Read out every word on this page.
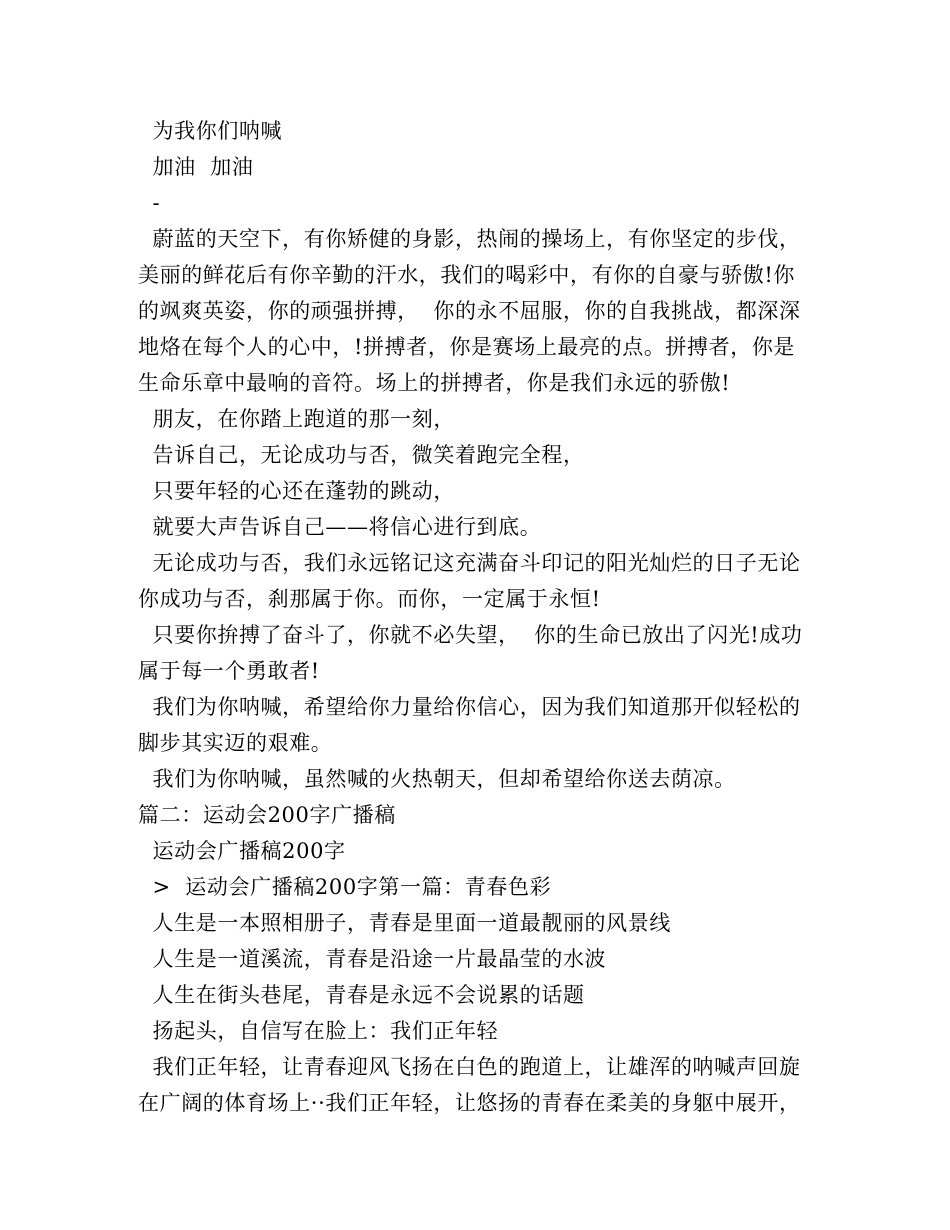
为我你们呐喊
加油  加油
-
蔚蓝的天空下，有你矫健的身影，热闹的操场上，有你坚定的步伐，
美丽的鲜花后有你辛勤的汗水，我们的喝彩中，有你的自豪与骄傲!你
的飒爽英姿，你的顽强拼搏，  你的永不屈服，你的自我挑战，都深深
地烙在每个人的心中，!拼搏者，你是赛场上最亮的点。拼搏者，你是
生命乐章中最响的音符。场上的拼搏者，你是我们永远的骄傲!
朋友，在你踏上跑道的那一刻，
告诉自己，无论成功与否，微笑着跑完全程，
只要年轻的心还在蓬勃的跳动，
就要大声告诉自己——将信心进行到底。
无论成功与否，我们永远铭记这充满奋斗印记的阳光灿烂的日子无论
你成功与否，刹那属于你。而你，一定属于永恒!
只要你拚搏了奋斗了，你就不必失望，  你的生命已放出了闪光!成功
属于每一个勇敢者!
我们为你呐喊，希望给你力量给你信心，因为我们知道那开似轻松的
脚步其实迈的艰难。
我们为你呐喊，虽然喊的火热朝天，但却希望给你送去荫凉。
篇二：运动会200字广播稿
运动会广播稿200字
>  运动会广播稿200字第一篇：青春色彩
人生是一本照相册子，青春是里面一道最靓丽的风景线
人生是一道溪流，青春是沿途一片最晶莹的水波
人生在街头巷尾，青春是永远不会说累的话题
扬起头，自信写在脸上：我们正年轻
我们正年轻，让青春迎风飞扬在白色的跑道上，让雄浑的呐喊声回旋
在广阔的体育场上··我们正年轻，让悠扬的青春在柔美的身躯中展开，
